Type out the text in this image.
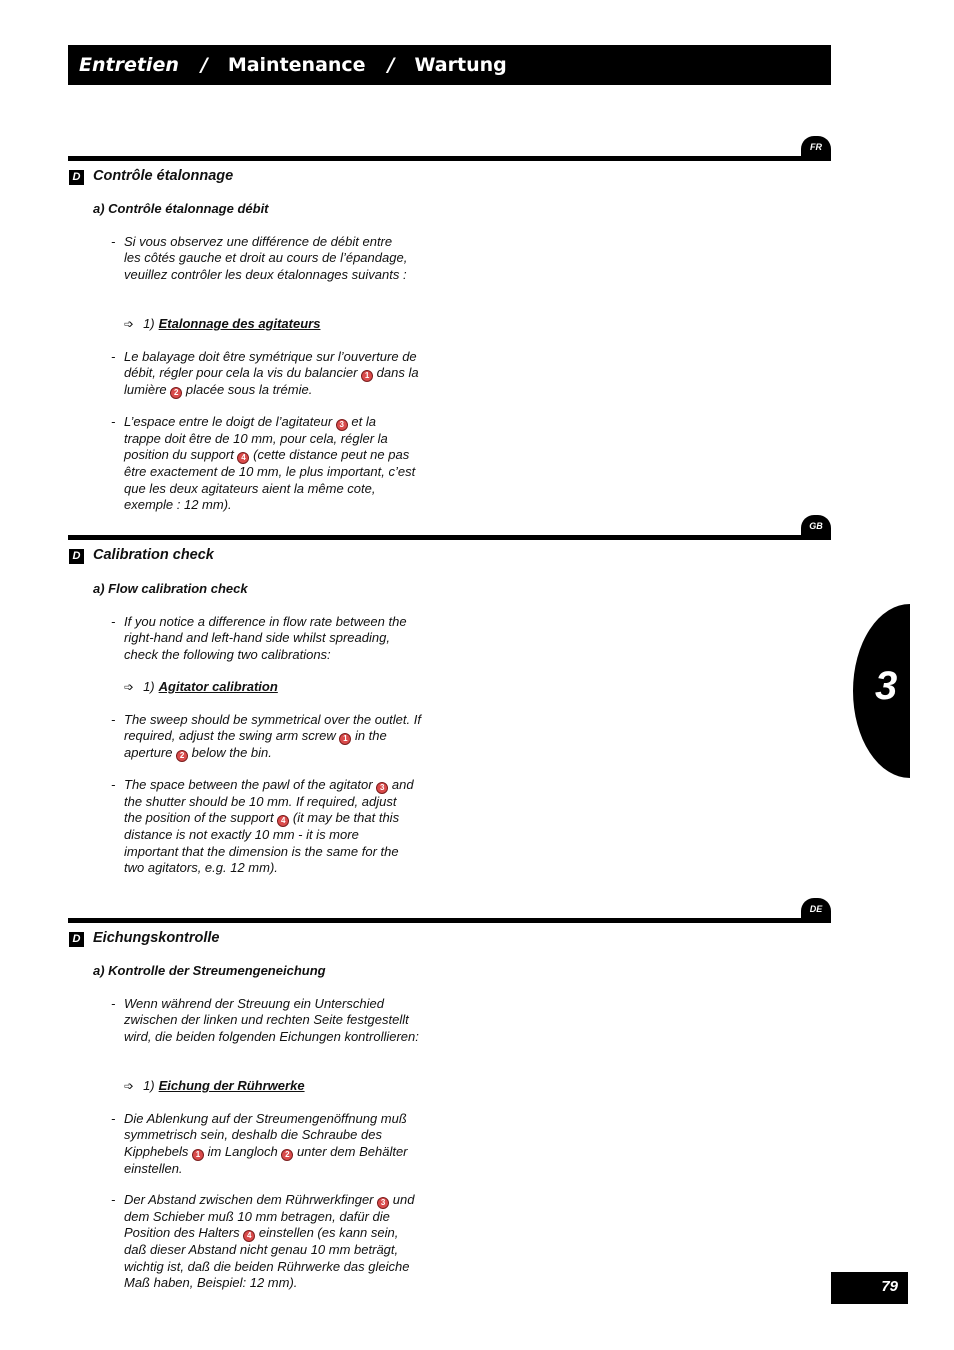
Entretien / Maintenance / Wartung
FR
D Contrôle étalonnage
a) Contrôle étalonnage débit
- Si vous observez une différence de débit entre les côtés gauche et droit au cours de l’épandage, veuillez contrôler les deux étalonnages suivants :
➩ 1) Etalonnage des agitateurs
- Le balayage doit être symétrique sur l’ouverture de débit, régler pour cela la vis du balancier 1 dans la lumière 2 placée sous la trémie.
- L’espace entre le doigt de l’agitateur 3 et la trappe doit être de 10 mm, pour cela, régler la position du support 4 (cette distance peut ne pas être exactement de 10 mm, le plus important, c’est que les deux agitateurs aient la même cote, exemple : 12 mm).
GB
D Calibration check
a) Flow calibration check
- If you notice a difference in flow rate between the right-hand and left-hand side whilst spreading, check the following two calibrations:
➩ 1) Agitator calibration
- The sweep should be symmetrical over the outlet. If required, adjust the swing arm screw 1 in the aperture 2 below the bin.
- The space between the pawl of the agitator 3 and the shutter should be 10 mm. If required, adjust the position of the support 4 (it may be that this distance is not exactly 10 mm - it is more important that the dimension is the same for the two agitators, e.g. 12 mm).
DE
D Eichungskontrolle
a) Kontrolle der Streumengeneichung
- Wenn während der Streuung ein Unterschied zwischen der linken und rechten Seite festgestellt wird, die beiden folgenden Eichungen kontrollieren:
➩ 1) Eichung der Rührwerke
- Die Ablenkung auf der Streumengenöffnung muß symmetrisch sein, deshalb die Schraube des Kipphebels 1 im Langloch 2 unter dem Behälter einstellen.
- Der Abstand zwischen dem Rührwerkfinger 3 und dem Schieber muß 10 mm betragen, dafür die Position des Halters 4 einstellen (es kann sein, daß dieser Abstand nicht genau 10 mm beträgt, wichtig ist, daß die beiden Rührwerke das gleiche Maß haben, Beispiel: 12 mm).
3
79
